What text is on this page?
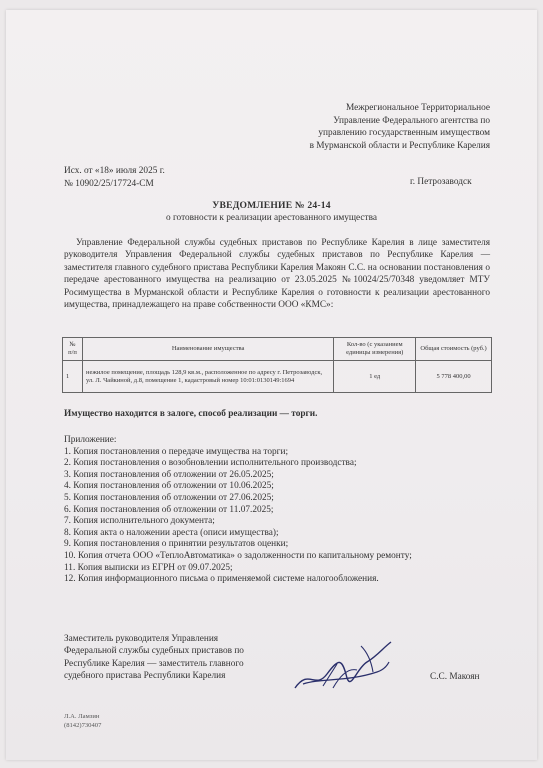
Межрегиональное Территориальное
Управление Федерального агентства по
управлению государственным имуществом
в Мурманской области и Республике Карелия
Исх. от «18» июля 2025 г.
№ 10902/25/17724-СМ	г. Петрозаводск
УВЕДОМЛЕНИЕ № 24-14
о готовности к реализации арестованного имущества

Управление Федеральной службы судебных приставов по Республике Карелия в лице заместителя руководителя Управления Федеральной службы судебных приставов по Республике Карелия — заместителя главного судебного пристава Республики Карелия Макоян С.С. на основании постановления о передаче арестованного имущества на реализацию от 23.05.2025 №10024/25/70348 уведомляет МТУ Росимущества в Мурманской области и Республике Карелия о готовности к реализации арестованного имущества, принадлежащего на праве собственности ООО «КМС»:

№ п/п	Наименование имущества	Кол-во (с указанием единицы измерения)	Общая стоимость (руб.)
1	нежилое помещение, площадь 128,9 кв.м., расположенное по адресу г. Петрозаводск, ул. Л. Чайкиной, д.8, помещение 1, кадастровый номер 10:01:0130149:1694	1 ед	5 778 400,00
Имущество находится в залоге, способ реализации — торги.
Приложение:
1. Копия постановления о передаче имущества на торги;
2. Копия постановления о возобновлении исполнительного производства;
3. Копия постановления об отложении от 26.05.2025;
4. Копия постановления об отложении от 10.06.2025;
5. Копия постановления об отложении от 27.06.2025;
6. Копия постановления об отложении от 11.07.2025;
7. Копия исполнительного документа;
8. Копия акта о наложении ареста (описи имущества);
9. Копия постановления о принятии результатов оценки;
10. Копия отчета ООО «ТеплоАвтоматика» о задолженности по капитальному ремонту;
11. Копия выписки из ЕГРН от 09.07.2025;
12. Копия информационного письма о применяемой системе налогообложения.
Заместитель руководителя Управления
Федеральной службы судебных приставов по
Республике Карелия — заместитель главного
судебного пристава Республики Карелия	С.С. Макоян
Л.А. Ламзин
(8142)730407
